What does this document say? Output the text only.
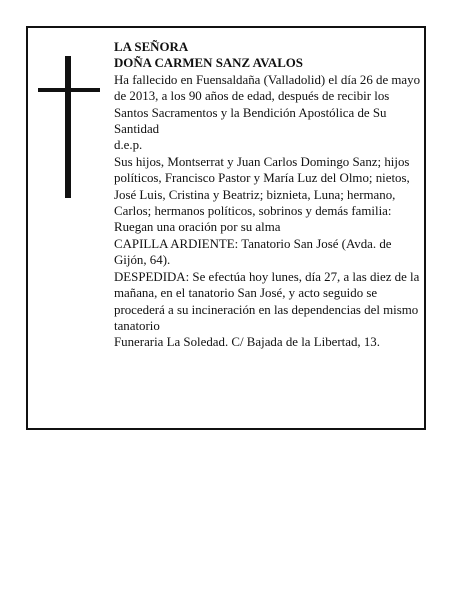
LA SEÑORA

DOÑA CARMEN SANZ AVALOS

Ha fallecido en Fuensaldaña (Valladolid) el día 26 de mayo de 2013, a los 90 años de edad, después de recibir los Santos Sacramentos y la Bendición Apostólica de Su Santidad

d.e.p.

Sus hijos, Montserrat y Juan Carlos Domingo Sanz; hijos políticos, Francisco Pastor y María Luz del Olmo; nietos, José Luis, Cristina y Beatriz; biznieta, Luna; hermano, Carlos; hermanos políticos, sobrinos y demás familia:

Ruegan una oración por su alma

CAPILLA ARDIENTE: Tanatorio San José (Avda. de Gijón, 64).

DESPEDIDA: Se efectúa hoy lunes, día 27, a las diez de la mañana, en el tanatorio San José, y acto seguido se procederá a su incineración en las dependencias del mismo tanatorio

Funeraria La Soledad. C/ Bajada de la Libertad, 13.
